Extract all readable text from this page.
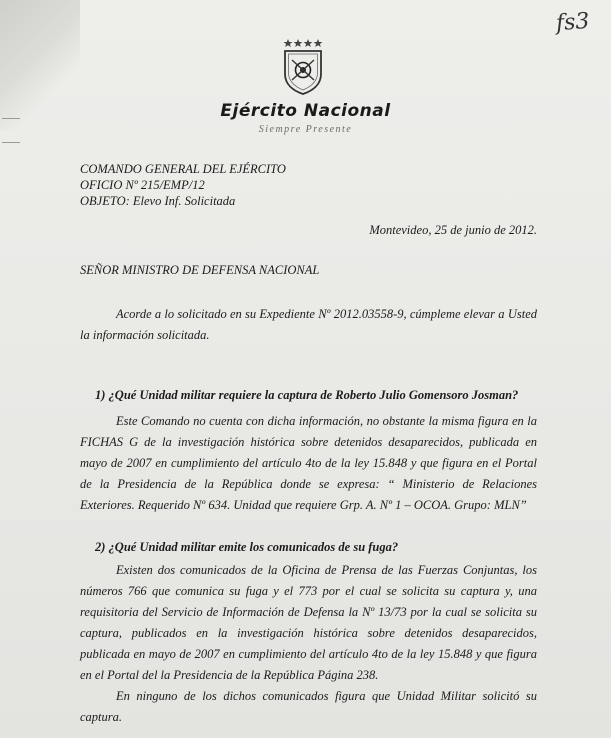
fs3
Ejército Nacional
Siempre Presente
COMANDO GENERAL DEL EJÉRCITO
OFICIO Nº 215/EMP/12
OBJETO: Elevo Inf. Solicitada
Montevideo, 25 de junio de 2012.
SEÑOR MINISTRO DE DEFENSA NACIONAL
Acorde a lo solicitado en su Expediente Nº 2012.03558-9, cúmpleme elevar a Usted la información solicitada.
1) ¿Qué Unidad militar requiere la captura de Roberto Julio Gomensoro Josman?
Este Comando no cuenta con dicha información, no obstante la misma figura en la FICHAS G de la investigación histórica sobre detenidos desaparecidos, publicada en mayo de 2007 en cumplimiento del artículo 4to de la ley 15.848 y que figura en el Portal de la Presidencia de la República donde se expresa: “ Ministerio de Relaciones Exteriores. Requerido Nº 634. Unidad que requiere Grp. A. Nº 1 – OCOA. Grupo: MLN”
2) ¿Qué Unidad militar emite los comunicados de su fuga?
Existen dos comunicados de la Oficina de Prensa de las Fuerzas Conjuntas, los números 766 que comunica su fuga y el 773 por el cual se solicita su captura y, una requisitoria del Servicio de Información de Defensa la Nº 13/73 por la cual se solicita su captura, publicados en la investigación histórica sobre detenidos desaparecidos, publicada en mayo de 2007 en cumplimiento del artículo 4to de la ley 15.848 y que figura en el Portal del la Presidencia de la República Página 238.
En ninguno de los dichos comunicados figura que Unidad Militar solicitó su captura.
